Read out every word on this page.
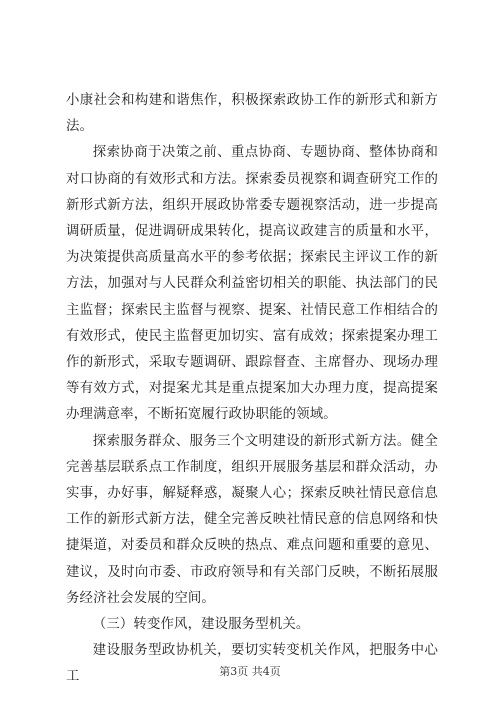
小康社会和构建和谐焦作，积极探索政协工作的新形式和新方法。

探索协商于决策之前、重点协商、专题协商、整体协商和对口协商的有效形式和方法。探索委员视察和调查研究工作的新形式新方法，组织开展政协常委专题视察活动，进一步提高调研质量，促进调研成果转化，提高议政建言的质量和水平，为决策提供高质量高水平的参考依据；探索民主评议工作的新方法，加强对与人民群众利益密切相关的职能、执法部门的民主监督；探索民主监督与视察、提案、社情民意工作相结合的有效形式，使民主监督更加切实、富有成效；探索提案办理工作的新形式，采取专题调研、跟踪督查、主席督办、现场办理等有效方式，对提案尤其是重点提案加大办理力度，提高提案办理满意率，不断拓宽履行政协职能的领域。

探索服务群众、服务三个文明建设的新形式新方法。健全完善基层联系点工作制度，组织开展服务基层和群众活动，办实事，办好事，解疑释惑，凝聚人心；探索反映社情民意信息工作的新形式新方法，健全完善反映社情民意的信息网络和快捷渠道，对委员和群众反映的热点、难点问题和重要的意见、建议，及时向市委、市政府领导和有关部门反映，不断拓展服务经济社会发展的空间。

（三）转变作风，建设服务型机关。

建设服务型政协机关，要切实转变机关作风，把服务中心工	第3页 共4页
